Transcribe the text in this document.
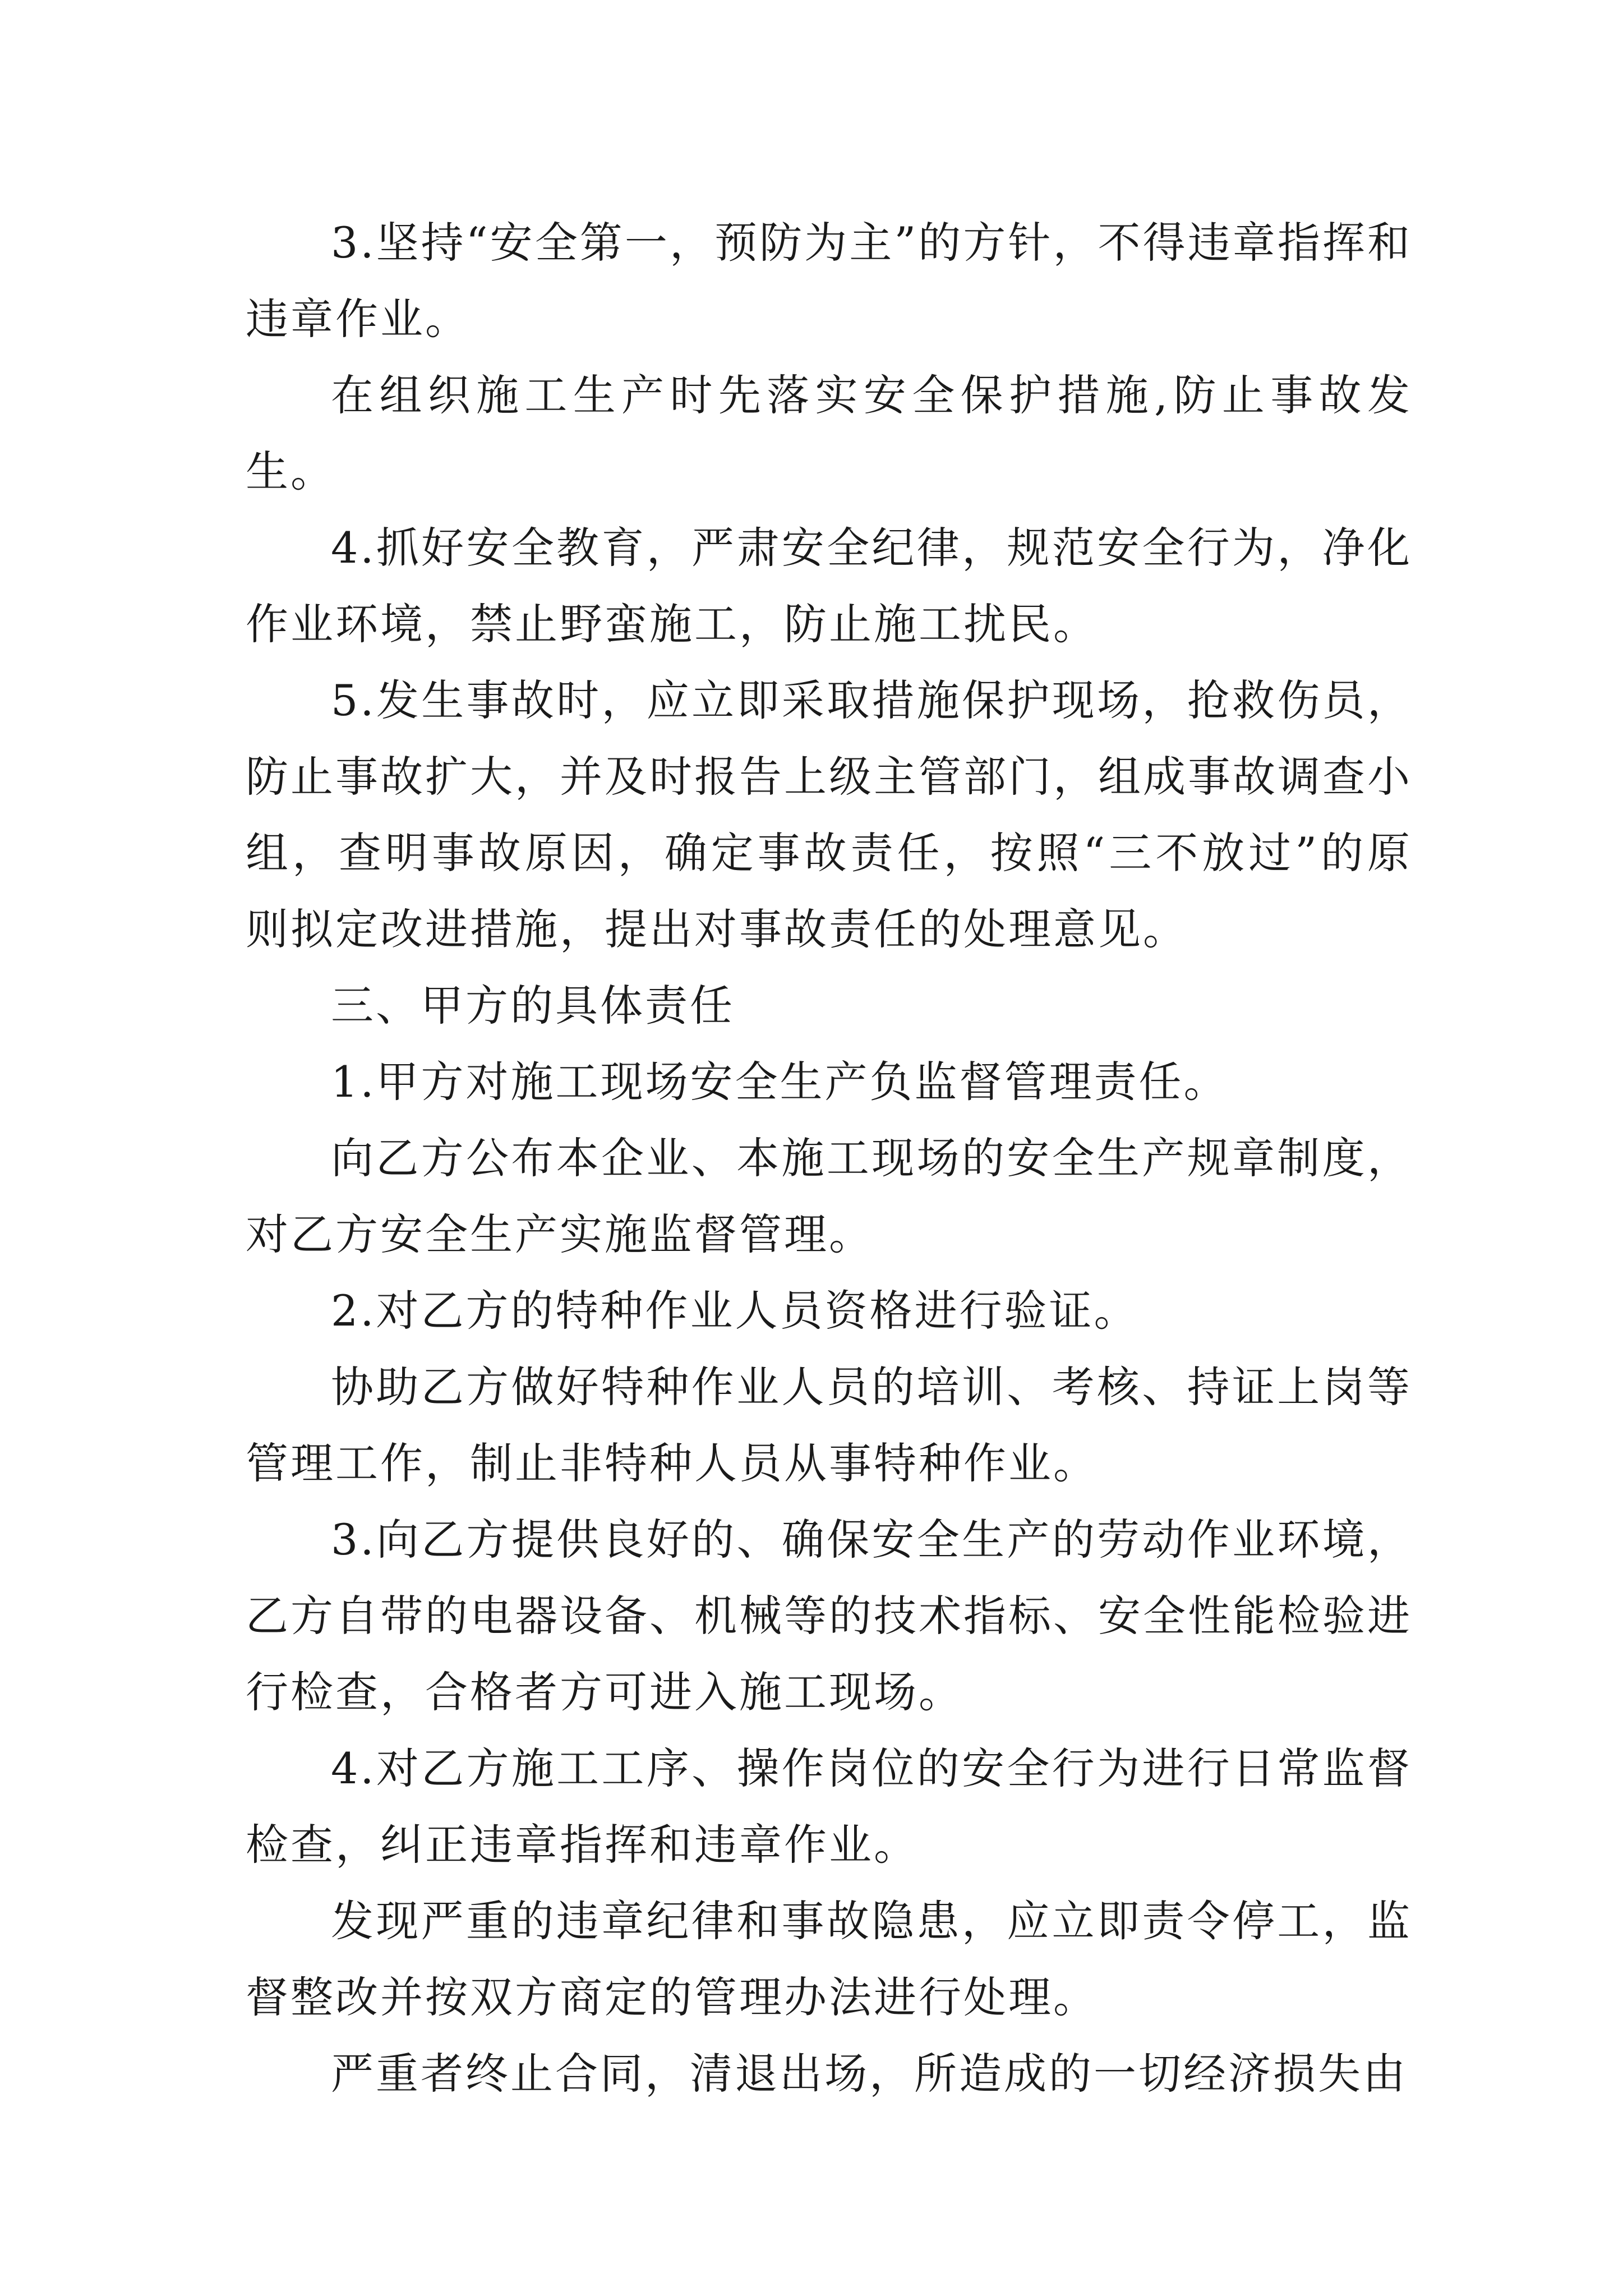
3.坚持“安全第一，预防为主”的方针，不得违章指挥和违章作业。

在组织施工生产时先落实安全保护措施,防止事故发生。

4.抓好安全教育，严肃安全纪律，规范安全行为，净化作业环境，禁止野蛮施工，防止施工扰民。

5.发生事故时，应立即采取措施保护现场，抢救伤员，防止事故扩大，并及时报告上级主管部门，组成事故调查小组，查明事故原因，确定事故责任，按照“三不放过”的原则拟定改进措施，提出对事故责任的处理意见。

三、甲方的具体责任

1.甲方对施工现场安全生产负监督管理责任。

向乙方公布本企业、本施工现场的安全生产规章制度，对乙方安全生产实施监督管理。

2.对乙方的特种作业人员资格进行验证。

协助乙方做好特种作业人员的培训、考核、持证上岗等管理工作，制止非特种人员从事特种作业。

3.向乙方提供良好的、确保安全生产的劳动作业环境，乙方自带的电器设备、机械等的技术指标、安全性能检验进行检查，合格者方可进入施工现场。

4.对乙方施工工序、操作岗位的安全行为进行日常监督检查，纠正违章指挥和违章作业。

发现严重的违章纪律和事故隐患，应立即责令停工，监督整改并按双方商定的管理办法进行处理。

严重者终止合同，清退出场，所造成的一切经济损失由
